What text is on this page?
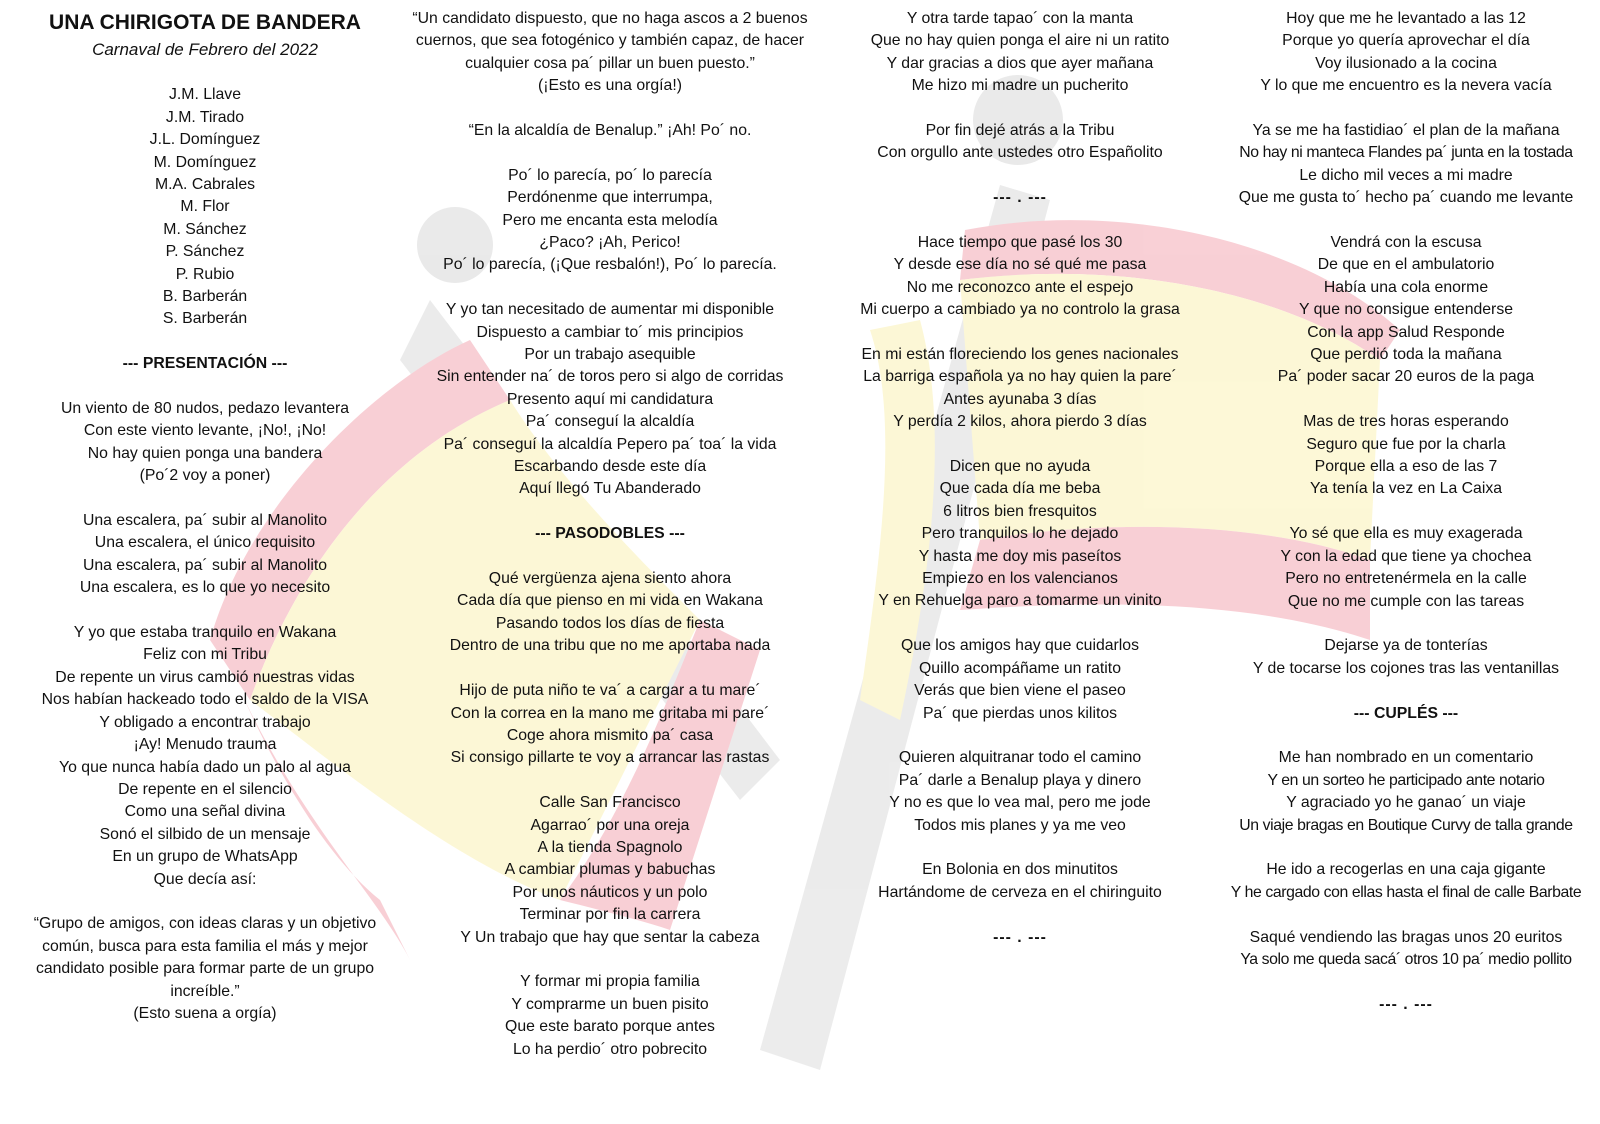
UNA CHIRIGOTA DE BANDERA
Carnaval de Febrero del 2022

J.M. Llave
J.M. Tirado
J.L. Domínguez
M. Domínguez
M.A. Cabrales
M. Flor
M. Sánchez
P. Sánchez
P. Rubio
B. Barberán
S. Barberán

--- PRESENTACIÓN ---

Un viento de 80 nudos, pedazo levantera
Con este viento levante, ¡No!, ¡No!
No hay quien ponga una bandera
(Po´2 voy a poner)

Una escalera, pa´ subir al Manolito
Una escalera, el único requisito
Una escalera, pa´ subir al Manolito
Una escalera, es lo que yo necesito

Y yo que estaba tranquilo en Wakana
Feliz con mi Tribu
De repente un virus cambió nuestras vidas
Nos habían hackeado todo el saldo de la VISA
Y obligado a encontrar trabajo
¡Ay! Menudo trauma
Yo que nunca había dado un palo al agua
De repente en el silencio
Como una señal divina
Sonó el silbido de un mensaje
En un grupo de WhatsApp
Que decía así:

“Grupo de amigos, con ideas claras y un objetivo común, busca para esta familia el más y mejor candidato posible para formar parte de un grupo increíble.”
(Esto suena a orgía)

“Un candidato dispuesto, que no haga ascos a 2 buenos cuernos, que sea fotogénico y también capaz, de hacer cualquier cosa pa´ pillar un buen puesto.”
(¡Esto es una orgía!)

“En la alcaldía de Benalup.” ¡Ah! Po´ no.

Po´ lo parecía, po´ lo parecía
Perdónenme que interrumpa,
Pero me encanta esta melodía
¿Paco? ¡Ah, Perico!
Po´ lo parecía, (¡Que resbalón!), Po´ lo parecía.

Y yo tan necesitado de aumentar mi disponible
Dispuesto a cambiar to´ mis principios
Por un trabajo asequible
Sin entender na´ de toros pero si algo de corridas
Presento aquí mi candidatura
Pa´ conseguí la alcaldía
Pa´ conseguí la alcaldía Pepero pa´ toa´ la vida
Escarbando desde este día
Aquí llegó Tu Abanderado

--- PASODOBLES ---

Qué vergüenza ajena siento ahora
Cada día que pienso en mi vida en Wakana
Pasando todos los días de fiesta
Dentro de una tribu que no me aportaba nada

Hijo de puta niño te va´ a cargar a tu mare´
Con la correa en la mano me gritaba mi pare´
Coge ahora mismito pa´ casa
Si consigo pillarte te voy a arrancar las rastas

Calle San Francisco
Agarrao´ por una oreja
A la tienda Spagnolo
A cambiar plumas y babuchas
Por unos náuticos y un polo
Terminar por fin la carrera
Y Un trabajo que hay que sentar la cabeza

Y formar mi propia familia
Y comprarme un buen pisito
Que este barato porque antes
Lo ha perdio´ otro pobrecito

Y otra tarde tapao´ con la manta
Que no hay quien ponga el aire ni un ratito
Y dar gracias a dios que ayer mañana
Me hizo mi madre un pucherito

Por fin dejé atrás a la Tribu
Con orgullo ante ustedes otro Españolito

--- . ---

Hace tiempo que pasé los 30
Y desde ese día no sé qué me pasa
No me reconozco ante el espejo
Mi cuerpo a cambiado ya no controlo la grasa

En mi están floreciendo los genes nacionales
La barriga española ya no hay quien la pare´
Antes ayunaba 3 días
Y perdía 2 kilos, ahora pierdo 3 días

Dicen que no ayuda
Que cada día me beba
6 litros bien fresquitos
Pero tranquilos lo he dejado
Y hasta me doy mis paseítos
Empiezo en los valencianos
Y en Rehuelga paro a tomarme un vinito

Que los amigos hay que cuidarlos
Quillo acompáñame un ratito
Verás que bien viene el paseo
Pa´ que pierdas unos kilitos

Quieren alquitranar todo el camino
Pa´ darle a Benalup playa y dinero
Y no es que lo vea mal, pero me jode
Todos mis planes y ya me veo

En Bolonia en dos minutitos
Hartándome de cerveza en el chiringuito

--- . ---

Hoy que me he levantado a las 12
Porque yo quería aprovechar el día
Voy ilusionado a la cocina
Y lo que me encuentro es la nevera vacía

Ya se me ha fastidiao´ el plan de la mañana
No hay ni manteca Flandes pa´ junta en la tostada
Le dicho mil veces a mi madre
Que me gusta to´ hecho pa´ cuando me levante

Vendrá con la escusa
De que en el ambulatorio
Había una cola enorme
Y que no consigue entenderse
Con la app Salud Responde
Que perdió toda la mañana
Pa´ poder sacar 20 euros de la paga

Mas de tres horas esperando
Seguro que fue por la charla
Porque ella a eso de las 7
Ya tenía la vez en La Caixa

Yo sé que ella es muy exagerada
Y con la edad que tiene ya chochea
Pero no entretenérmela en la calle
Que no me cumple con las tareas

Dejarse ya de tonterías
Y de tocarse los cojones tras las ventanillas

--- CUPLÉS ---

Me han nombrado en un comentario
Y en un sorteo he participado ante notario
Y agraciado yo he ganao´ un viaje
Un viaje bragas en Boutique Curvy de talla grande

He ido a recogerlas en una caja gigante
Y he cargado con ellas hasta el final de calle Barbate

Saqué vendiendo las bragas unos 20 euritos
Ya solo me queda sacá´ otros 10 pa´ medio pollito

--- . ---
